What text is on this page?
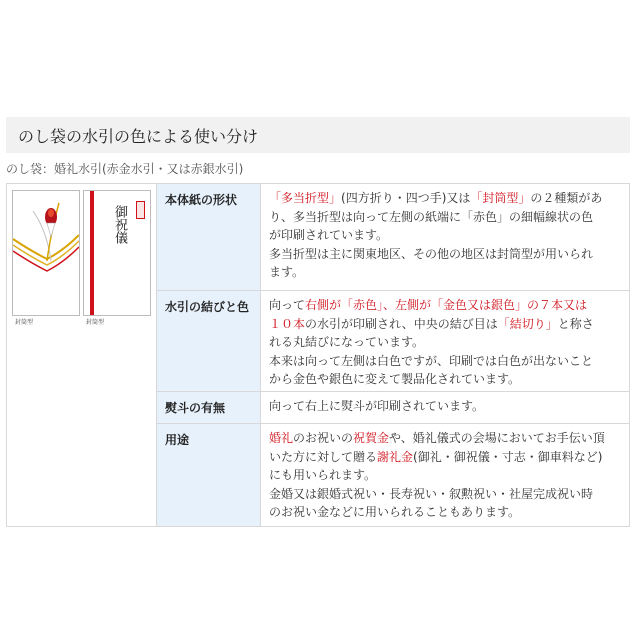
のし袋の水引の色による使い分け
のし袋：婚礼水引(赤金水引・又は赤銀水引)
封筒型
御祝儀
封筒型
本体紙の形状	「多当折型」(四方折り・四つ手)又は「封筒型」の２種類があ
り、多当折型は向って左側の紙端に「赤色」の細幅線状の色
が印刷されています。
多当折型は主に関東地区、その他の地区は封筒型が用いられ
ます。
水引の結びと色	向って右側が「赤色」、左側が「金色又は銀色」の７本又は
１０本の水引が印刷され、中央の結び目は「結切り」と称さ
れる丸結びになっています。
本来は向って左側は白色ですが、印刷では白色が出ないこと
から金色や銀色に変えて製品化されています。
熨斗の有無	向って右上に熨斗が印刷されています。
用途	婚礼のお祝いの祝賀金や、婚礼儀式の会場においてお手伝い頂
いた方に対して贈る謝礼金(御礼・御祝儀・寸志・御車料など)
にも用いられます。
金婚又は銀婚式祝い・長寿祝い・叙勲祝い・社屋完成祝い時
のお祝い金などに用いられることもあります。
